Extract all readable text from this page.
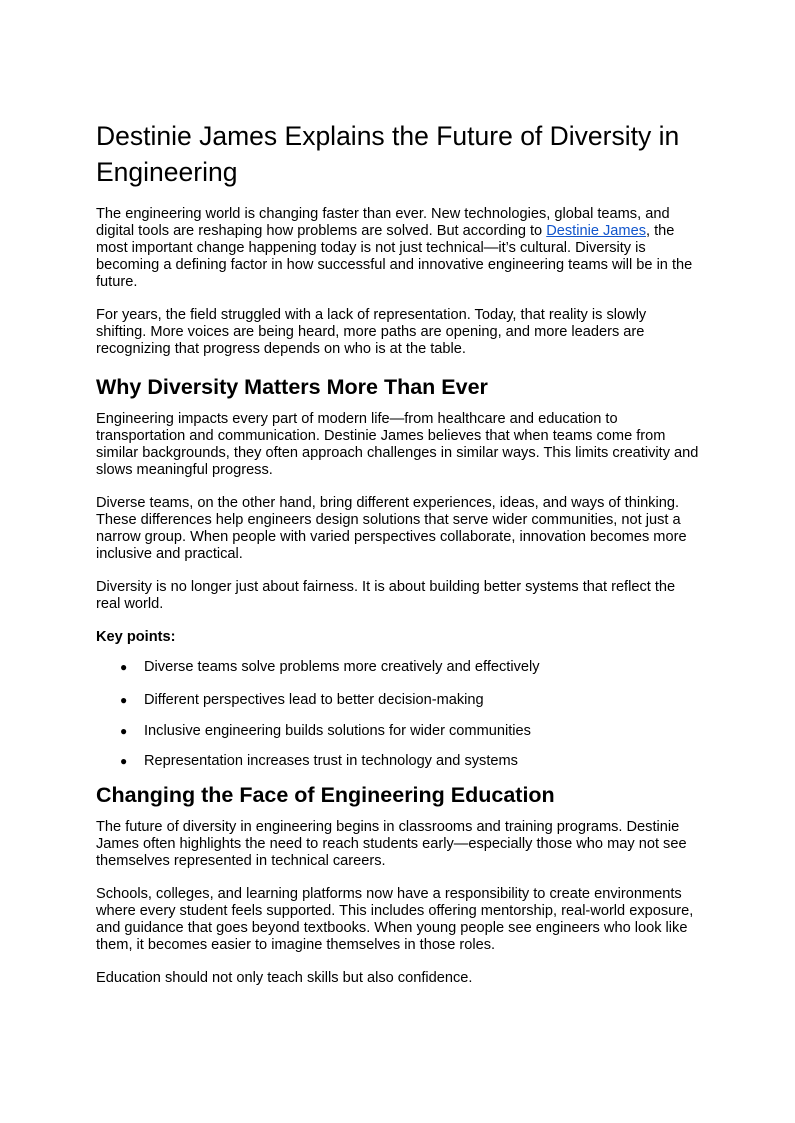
Destinie James Explains the Future of Diversity in Engineering

The engineering world is changing faster than ever. New technologies, global teams, and digital tools are reshaping how problems are solved. But according to Destinie James, the most important change happening today is not just technical—it’s cultural. Diversity is becoming a defining factor in how successful and innovative engineering teams will be in the future.

For years, the field struggled with a lack of representation. Today, that reality is slowly shifting. More voices are being heard, more paths are opening, and more leaders are recognizing that progress depends on who is at the table.

Why Diversity Matters More Than Ever

Engineering impacts every part of modern life—from healthcare and education to transportation and communication. Destinie James believes that when teams come from similar backgrounds, they often approach challenges in similar ways. This limits creativity and slows meaningful progress.

Diverse teams, on the other hand, bring different experiences, ideas, and ways of thinking. These differences help engineers design solutions that serve wider communities, not just a narrow group. When people with varied perspectives collaborate, innovation becomes more inclusive and practical.

Diversity is no longer just about fairness. It is about building better systems that reflect the real world.

Key points:

● Diverse teams solve problems more creatively and effectively
● Different perspectives lead to better decision-making
● Inclusive engineering builds solutions for wider communities
● Representation increases trust in technology and systems
Changing the Face of Engineering Education

The future of diversity in engineering begins in classrooms and training programs. Destinie James often highlights the need to reach students early—especially those who may not see themselves represented in technical careers.

Schools, colleges, and learning platforms now have a responsibility to create environments where every student feels supported. This includes offering mentorship, real-world exposure, and guidance that goes beyond textbooks. When young people see engineers who look like them, it becomes easier to imagine themselves in those roles.

Education should not only teach skills but also confidence.
